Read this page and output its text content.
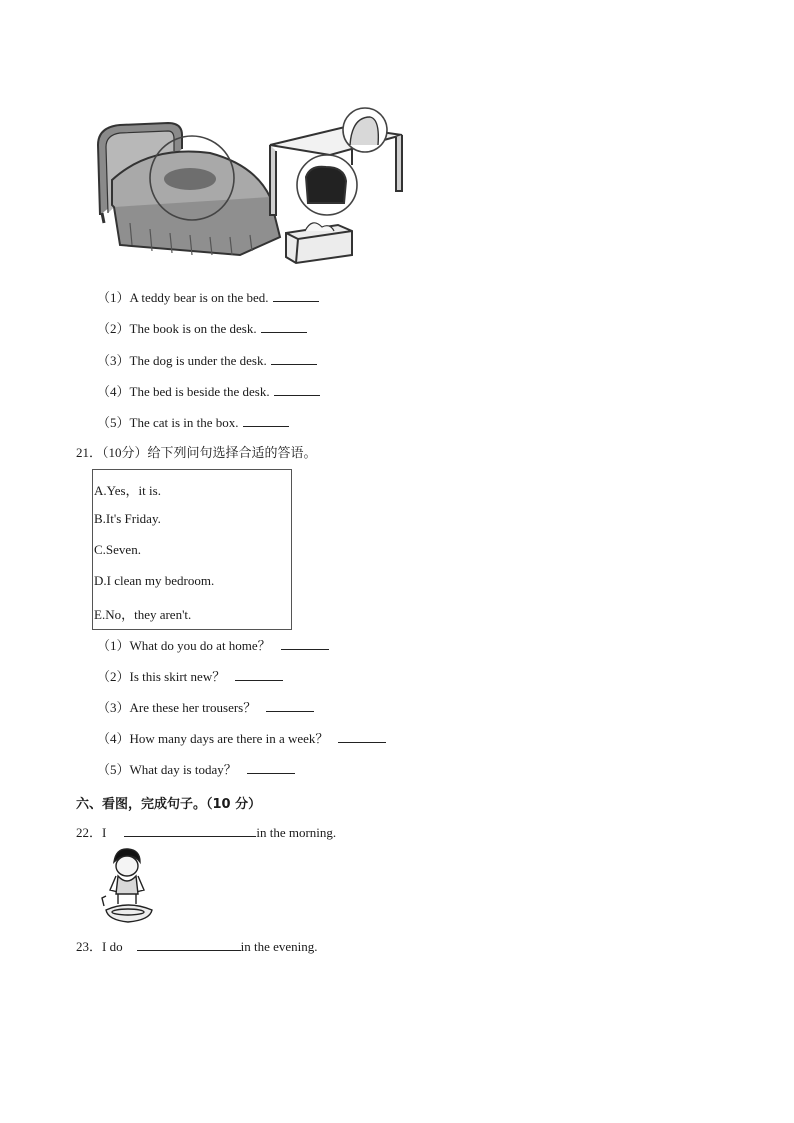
（1）A teddy bear is on the bed.
（2）The book is on the desk.
（3）The dog is under the desk.
（4）The bed is beside the desk.
（5）The cat is in the box.
21．（10分）给下列问句选择合适的答语。
A.Yes，it is.
B.It's Friday.
C.Seven.
D.I clean my bedroom.
E.No，they aren't.
（1）What do you do at home？
（2）Is this skirt new？
（3）Are these her trousers？
（4）How many days are there in a week？
（5）What day is today？
六、看图，完成句子。（10 分）
22．I	in the morning.
23．I do	in the evening.
